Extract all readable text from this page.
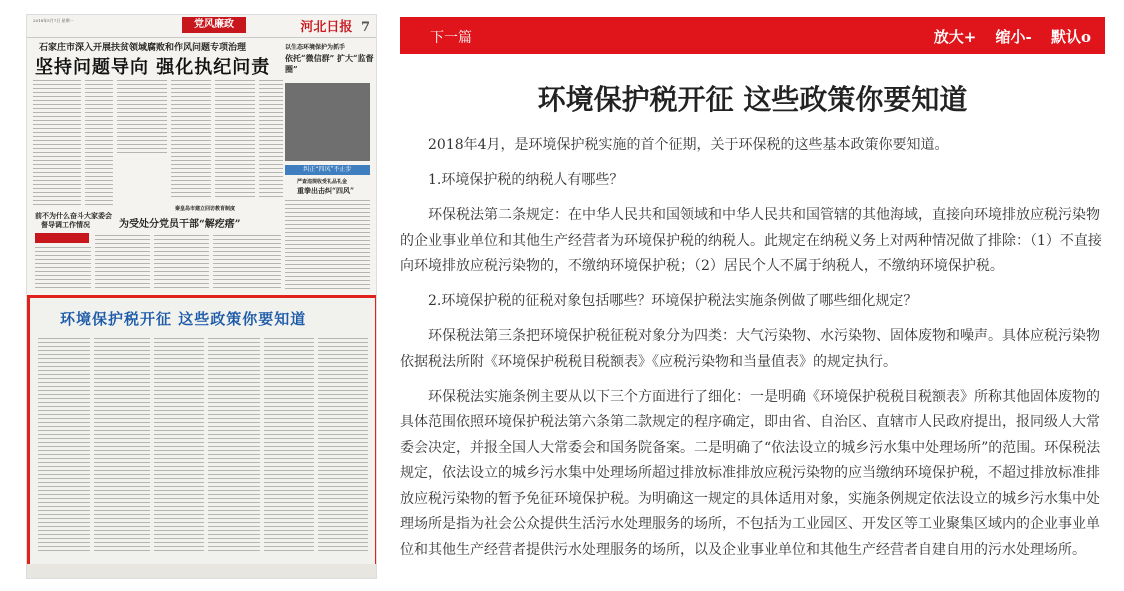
2018年5月7日 星期一	党风廉政	河北日报 7
石家庄市深入开展扶贫领域腐败和作风问题专项治理
坚持问题导向 强化执纪问责
以生态环境保护为抓手
依托“微信群” 扩大“监督圈”
纠正“四风”不止步
严查违规收受礼品礼金
重拳出击纠“四风”
前不为什么奋斗大家委会
督导调工作情况
秦皇岛市建立回访教育制度
为受处分党员干部“解疙瘩”
环境保护税开征 这些政策你要知道
下一篇	放大+ 缩小- 默认o
环境保护税开征 这些政策你要知道

2018年4月，是环境保护税实施的首个征期，关于环保税的这些基本政策你要知道。

1.环境保护税的纳税人有哪些？

环保税法第二条规定：在中华人民共和国领域和中华人民共和国管辖的其他海域，直接向环境排放应税污染物的企业事业单位和其他生产经营者为环境保护税的纳税人。此规定在纳税义务上对两种情况做了排除：（1）不直接向环境排放应税污染物的，不缴纳环境保护税；（2）居民个人不属于纳税人，不缴纳环境保护税。

2.环境保护税的征税对象包括哪些？环境保护税法实施条例做了哪些细化规定？

环保税法第三条把环境保护税征税对象分为四类：大气污染物、水污染物、固体废物和噪声。具体应税污染物依据税法所附《环境保护税税目税额表》《应税污染物和当量值表》的规定执行。

环保税法实施条例主要从以下三个方面进行了细化：一是明确《环境保护税税目税额表》所称其他固体废物的具体范围依照环境保护税法第六条第二款规定的程序确定，即由省、自治区、直辖市人民政府提出，报同级人大常委会决定，并报全国人大常委会和国务院备案。二是明确了“依法设立的城乡污水集中处理场所”的范围。环保税法规定，依法设立的城乡污水集中处理场所超过排放标准排放应税污染物的应当缴纳环境保护税，不超过排放标准排放应税污染物的暂予免征环境保护税。为明确这一规定的具体适用对象，实施条例规定依法设立的城乡污水集中处理场所是指为社会公众提供生活污水处理服务的场所，不包括为工业园区、开发区等工业聚集区域内的企业事业单位和其他生产经营者提供污水处理服务的场所，以及企业事业单位和其他生产经营者自建自用的污水处理场所。
